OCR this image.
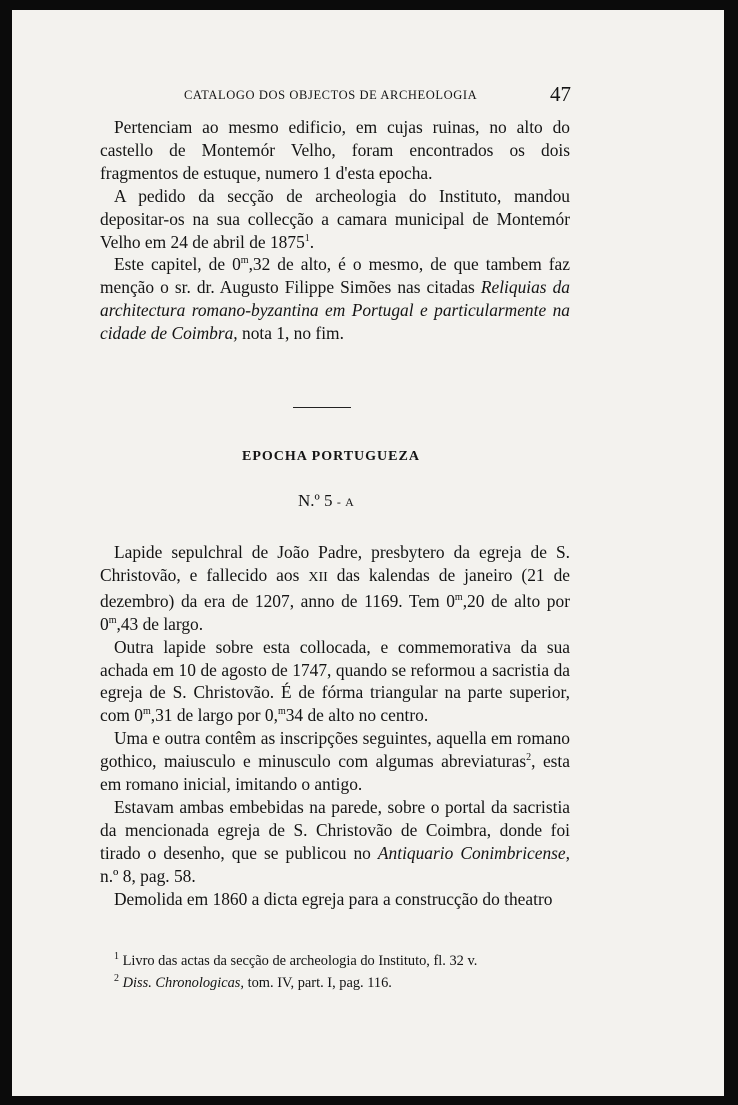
CATALOGO DOS OBJECTOS DE ARCHEOLOGIA	47

Pertenciam ao mesmo edificio, em cujas ruinas, no alto do castello de Montemór Velho, foram encontrados os dois fragmentos de estuque, numero 1 d'esta epocha.

A pedido da secção de archeologia do Instituto, mandou depositar-os na sua collecção a camara municipal de Montemór Velho em 24 de abril de 1875$^1$.

Este capitel, de 0$^m$,32 de alto, é o mesmo, de que tambem faz menção o sr. dr. Augusto Filippe Simões nas citadas Reliquias da architectura romano-byzantina em Portugal e particularmente na cidade de Coimbra, nota 1, no fim.

EPOCHA PORTUGUEZA
N.º 5 - A

Lapide sepulchral de João Padre, presbytero da egreja de S. Christovão, e fallecido aos XII das kalendas de janeiro (21 de dezembro) da era de 1207, anno de 1169. Tem 0$^m$,20 de alto por 0$^m$,43 de largo.

Outra lapide sobre esta collocada, e commemorativa da sua achada em 10 de agosto de 1747, quando se reformou a sacristia da egreja de S. Christovão. É de fórma triangular na parte superior, com 0$^m$,31 de largo por 0,$^m$34 de alto no centro.

Uma e outra contêm as inscripções seguintes, aquella em romano gothico, maiusculo e minusculo com algumas abreviaturas$^2$, esta em romano inicial, imitando o antigo.

Estavam ambas embebidas na parede, sobre o portal da sacristia da mencionada egreja de S. Christovão de Coimbra, donde foi tirado o desenho, que se publicou no Antiquario Conimbricense, n.º 8, pag. 58.

Demolida em 1860 a dicta egreja para a construcção do theatro

$^1$ Livro das actas da secção de archeologia do Instituto, fl. 32 v.
$^2$ Diss. Chronologicas, tom. IV, part. I, pag. 116.
